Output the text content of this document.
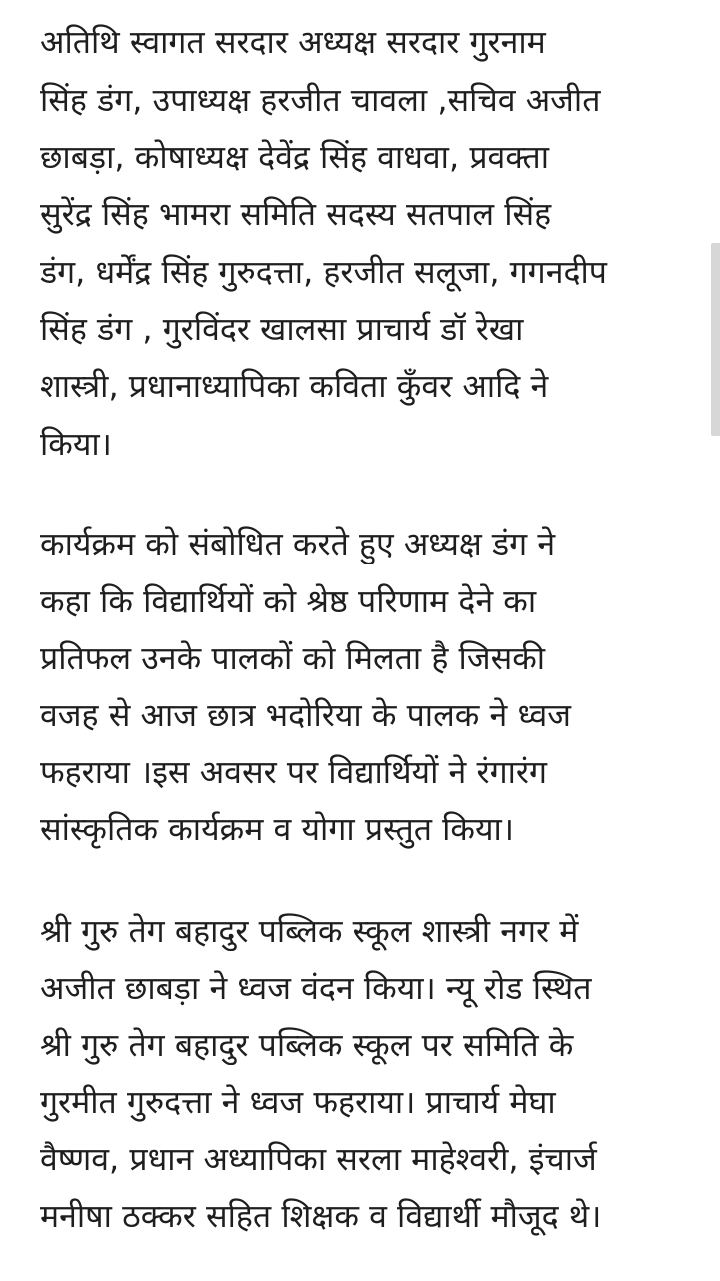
अतिथि स्वागत सरदार अध्यक्ष सरदार गुरनाम
सिंह डंग, उपाध्यक्ष हरजीत चावला ,सचिव अजीत
छाबड़ा, कोषाध्यक्ष देवेंद्र सिंह वाधवा, प्रवक्ता
सुरेंद्र सिंह भामरा समिति सदस्य सतपाल सिंह
डंग, धर्मेंद्र सिंह गुरुदत्ता, हरजीत सलूजा, गगनदीप
सिंह डंग , गुरविंदर खालसा प्राचार्य डॉ रेखा
शास्त्री, प्रधानाध्यापिका कविता कुँवर आदि ने
किया।
कार्यक्रम को संबोधित करते हुए अध्यक्ष डंग ने
कहा कि विद्यार्थियों को श्रेष्ठ परिणाम देने का
प्रतिफल उनके पालकों को मिलता है जिसकी
वजह से आज छात्र भदोरिया के पालक ने ध्वज
फहराया ।इस अवसर पर विद्यार्थियों ने रंगारंग
सांस्कृतिक कार्यक्रम व योगा प्रस्तुत किया।
श्री गुरु तेग बहादुर पब्लिक स्कूल शास्त्री नगर में
अजीत छाबड़ा ने ध्वज वंदन किया। न्यू रोड स्थित
श्री गुरु तेग बहादुर पब्लिक स्कूल पर समिति के
गुरमीत गुरुदत्ता ने ध्वज फहराया। प्राचार्य मेघा
वैष्णव, प्रधान अध्यापिका सरला माहेश्वरी, इंचार्ज
मनीषा ठक्कर सहित शिक्षक व विद्यार्थी मौजूद थे।
